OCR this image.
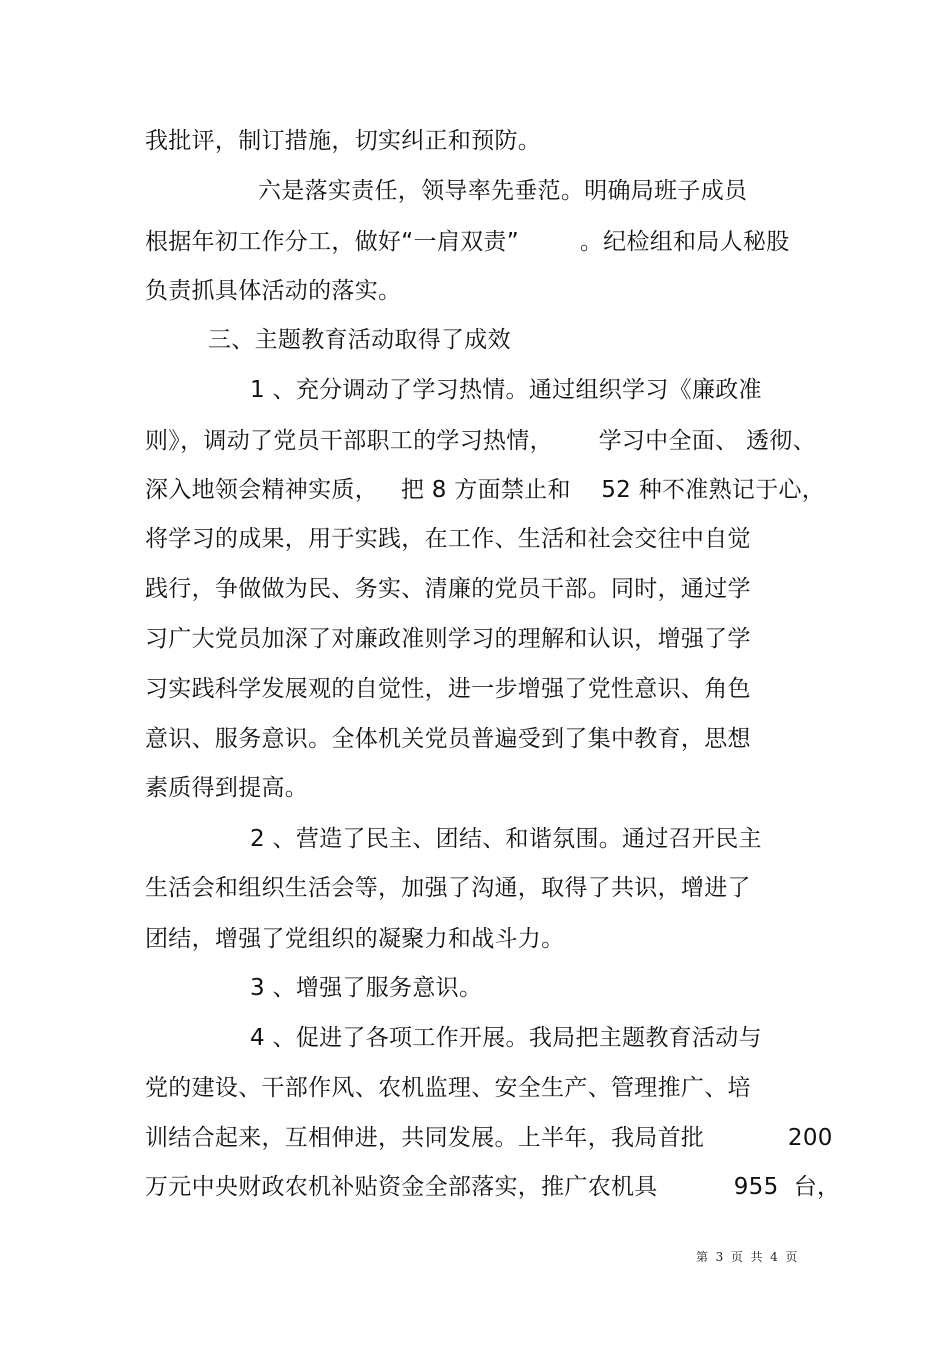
我批评，制订措施，切实纠正和预防。
六是落实责任，领导率先垂范。明确局班子成员
根据年初工作分工，做好“一肩双责”        。纪检组和局人秘股
负责抓具体活动的落实。
三、主题教育活动取得了成效
1 、充分调动了学习热情。通过组织学习《廉政准
则》，调动了党员干部职工的学习热情，      学习中全面、 透彻、
深入地领会精神实质，   把 8 方面禁止和    52 种不准熟记于心，
将学习的成果，用于实践，在工作、生活和社会交往中自觉
践行，争做做为民、务实、清廉的党员干部。同时，通过学
习广大党员加深了对廉政准则学习的理解和认识，增强了学
习实践科学发展观的自觉性，进一步增强了党性意识、角色
意识、服务意识。全体机关党员普遍受到了集中教育，思想
素质得到提高。
2 、营造了民主、团结、和谐氛围。通过召开民主
生活会和组织生活会等，加强了沟通，取得了共识，增进了
团结，增强了党组织的凝聚力和战斗力。
3 、增强了服务意识。
4 、促进了各项工作开展。我局把主题教育活动与
党的建设、干部作风、农机监理、安全生产、管理推广、培
训结合起来，互相伸进，共同发展。上半年，我局首批           200
万元中央财政农机补贴资金全部落实，推广农机具          955  台，
第  3  页  共  4  页
